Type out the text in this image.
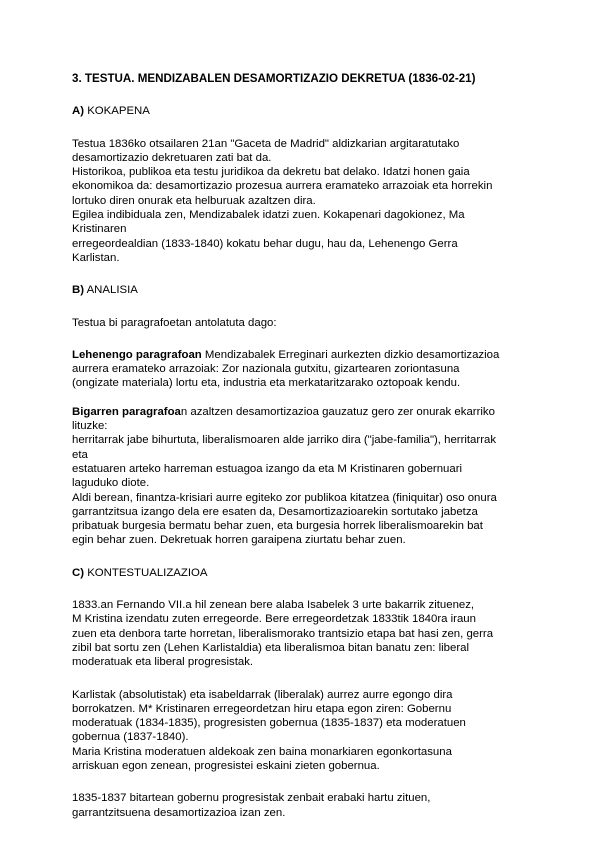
3. TESTUA. MENDIZABALEN DESAMORTIZAZIO DEKRETUA (1836-02-21)

A) KOKAPENA

Testua 1836ko otsailaren 21an "Gaceta de Madrid" aldizkarian argitaratutako
desamortizazio dekretuaren zati bat da.
Historikoa, publikoa eta testu juridikoa da dekretu bat delako. Idatzi honen gaia
ekonomikoa da: desamortizazio prozesua aurrera eramateko arrazoiak eta horrekin
lortuko diren onurak eta helburuak azaltzen dira.
Egilea indibiduala zen, Mendizabalek idatzi zuen. Kokapenari dagokionez, Ma
Kristinaren
erregeordealdian (1833-1840) kokatu behar dugu, hau da, Lehenengo Gerra
Karlistan.

B) ANALISIA

Testua bi paragrafoetan antolatuta dago:

Lehenengo paragrafoan Mendizabalek Erreginari aurkezten dizkio desamortizazioa
aurrera eramateko arrazoiak: Zor nazionala gutxitu, gizartearen zoriontasuna
(ongizate materiala) lortu eta, industria eta merkataritzarako oztopoak kendu.

Bigarren paragrafoan azaltzen desamortizazioa gauzatuz gero zer onurak ekarriko
lituzke:
herritarrak jabe bihurtuta, liberalismoaren alde jarriko dira ("jabe-familia"), herritarrak
eta
estatuaren arteko harreman estuagoa izango da eta M Kristinaren gobernuari
laguduko diote.
Aldi berean, finantza-krisiari aurre egiteko zor publikoa kitatzea (finiquitar) oso onura
garrantzitsua izango dela ere esaten da, Desamortizazioarekin sortutako jabetza
pribatuak burgesia bermatu behar zuen, eta burgesia horrek liberalismoarekin bat
egin behar zuen. Dekretuak horren garaipena ziurtatu behar zuen.

C) KONTESTUALIZAZIOA

1833.an Fernando VII.a hil zenean bere alaba Isabelek 3 urte bakarrik zituenez,
M Kristina izendatu zuten erregeorde. Bere erregeordetzak 1833tik 1840ra iraun
zuen eta denbora tarte horretan, liberalismorako trantsizio etapa bat hasi zen, gerra
zibil bat sortu zen (Lehen Karlistaldia) eta liberalismoa bitan banatu zen: liberal
moderatuak eta liberal progresistak.

Karlistak (absolutistak) eta isabeldarrak (liberalak) aurrez aurre egongo dira
borrokatzen. M* Kristinaren erregeordetzan hiru etapa egon ziren: Gobernu
moderatuak (1834-1835), progresisten gobernua (1835-1837) eta moderatuen
gobernua (1837-1840).
Maria Kristina moderatuen aldekoak zen baina monarkiaren egonkortasuna
arriskuan egon zenean, progresistei eskaini zieten gobernua.

1835-1837 bitartean gobernu progresistak zenbait erabaki hartu zituen,
garrantzitsuena desamortizazioa izan zen.
